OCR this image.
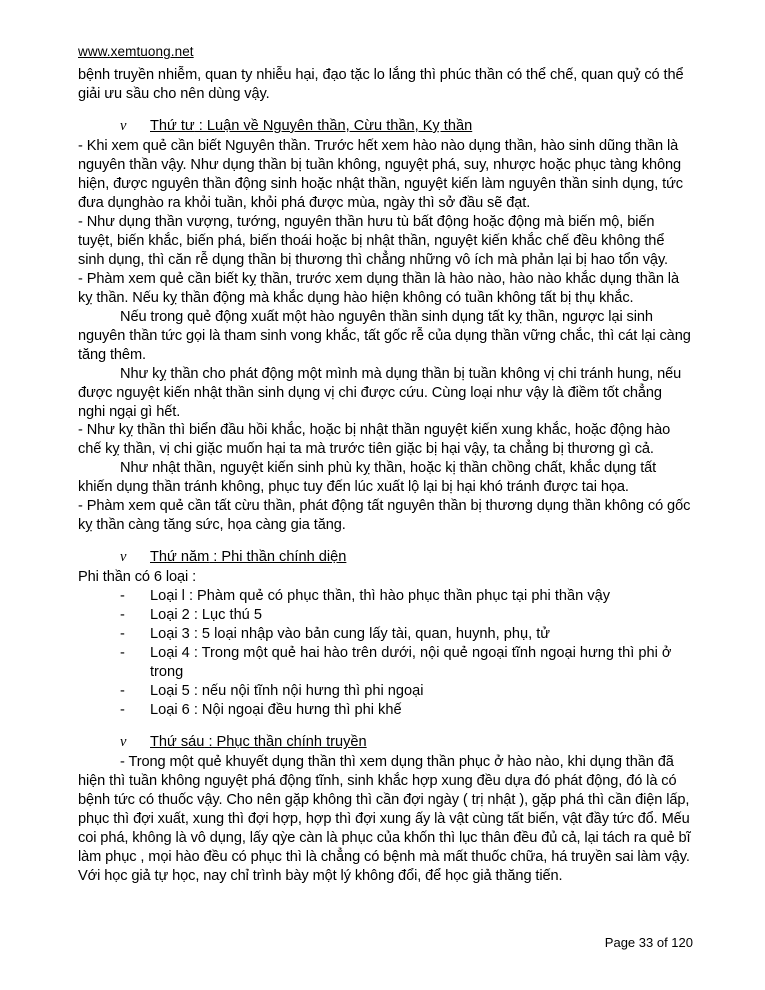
www.xemtuong.net

bệnh truyền nhiễm, quan ty nhiễu hại, đạo tặc lo lắng thì phúc thần có thể chế, quan quỷ có thể giải ưu sầu cho nên dùng vậy.

v	Thứ tư : Luận về Nguyên thần, Cừu thần, Kỵ thần

- Khi xem quẻ cần biết Nguyên thần. Trước hết xem hào nào dụng thần, hào sinh dũng thần là nguyên thần vậy. Như dụng thần bị tuần không, nguyệt phá, suy, nhược hoặc phục tàng không hiện, được nguyên thần động sinh hoặc nhật thần, nguyệt kiến làm nguyên thần sinh dụng, tức đưa dụnghào ra khỏi tuần, khỏi phá được mùa, ngày thì sở đầu sẽ đạt.

- Như dụng thần vượng, tướng, nguyên thần hưu tù bất động hoặc động mà biến mộ, biến tuyệt, biến khắc, biến phá, biến thoái hoặc bị nhật thần, nguyệt kiến khắc chế đều không thể sinh dụng, thì căn rễ dụng thần bị thương thì chẳng những vô ích mà phản lại bị hao tổn vậy.

- Phàm xem quẻ cần biết kỵ thần, trước xem dụng thần là hào nào, hào nào khắc dụng thần là kỵ thần. Nếu kỵ thần động mà khắc dụng hào hiện không có tuần không tất bị thụ khắc.

Nếu trong quẻ động xuất một hào nguyên thần sinh dụng tất kỵ thần, ngược lại sinh nguyên thần tức gọi là tham sinh vong khắc, tất gốc rễ của dụng thần vững chắc, thì cát lại càng tăng thêm.

Như kỵ thần cho phát động một mình mà dụng thần bị tuần không vị chi tránh hung, nếu được nguyệt kiến nhật thần sinh dụng vị chi được cứu. Cùng loại như vậy là điềm tốt chẳng nghi ngại gì hết.

- Như kỵ thần thì biển đầu hồi khắc, hoặc bị nhật thần nguyệt kiến xung khắc, hoặc động hào chế kỵ thần, vị chi giặc muốn hại ta mà trước tiên giặc bị hại vậy, ta chẳng bị thương gì cả.

Như nhật thần, nguyệt kiến sinh phù kỵ thần, hoặc kị thần chồng chất, khắc dụng tất khiến dụng thần tránh không, phục tuy đến lúc xuất lộ lại bị hại khó tránh được tai họa.

- Phàm xem quẻ cần tất cừu thần, phát động tất nguyên thần bị thương dụng thần không có gốc kỵ thần càng tăng sức, họa càng gia tăng.

v	Thứ năm : Phi thần chính diện

Phi thần có 6 loại :

-	Loại l : Phàm quẻ có phục thần, thì hào phục thần phục tại phi thần vậy
-	Loại 2 : Lục thú 5
-	Loại 3 : 5 loại nhập vào bản cung lấy tài, quan, huynh, phụ, tử
-	Loại 4 : Trong một quẻ hai hào trên dưới, nội quẻ ngoại tĩnh ngoại hưng thì phi ở trong
-	Loại 5 : nếu nội tĩnh nội hưng thì phi ngoại
-	Loại 6 : Nội ngoại đều hưng thì phi khế
v	Thứ sáu : Phục thần chính truyền

- Trong một quẻ khuyết dụng thần thì xem dụng thần phục ở hào nào, khi dụng thần đã hiện thì tuần không nguyệt phá động tĩnh, sinh khắc hợp xung đều dựa đó phát động, đó là có bệnh tức có thuốc vậy. Cho nên gặp không thì cần đợi ngày ( trị nhật ), gặp phá thì cần điện lấp, phục thì đợi xuất, xung thì đợi hợp, hợp thì đợi xung ấy là vật cùng tất biến, vật đầy tức đổ. Mếu coi phá, không là vô dụng, lấy qỳe càn là phục của khốn thì lục thân đều đủ cả, lại tách ra quẻ bĩ làm phục , mọi hào đều có phục thì là chẳng có bệnh mà mất thuốc chữa, há truyền sai làm vậy. Với học giả tự học, nay chỉ trình bày một lý không đổi, để học giả thăng tiến.

Page 33 of 120
